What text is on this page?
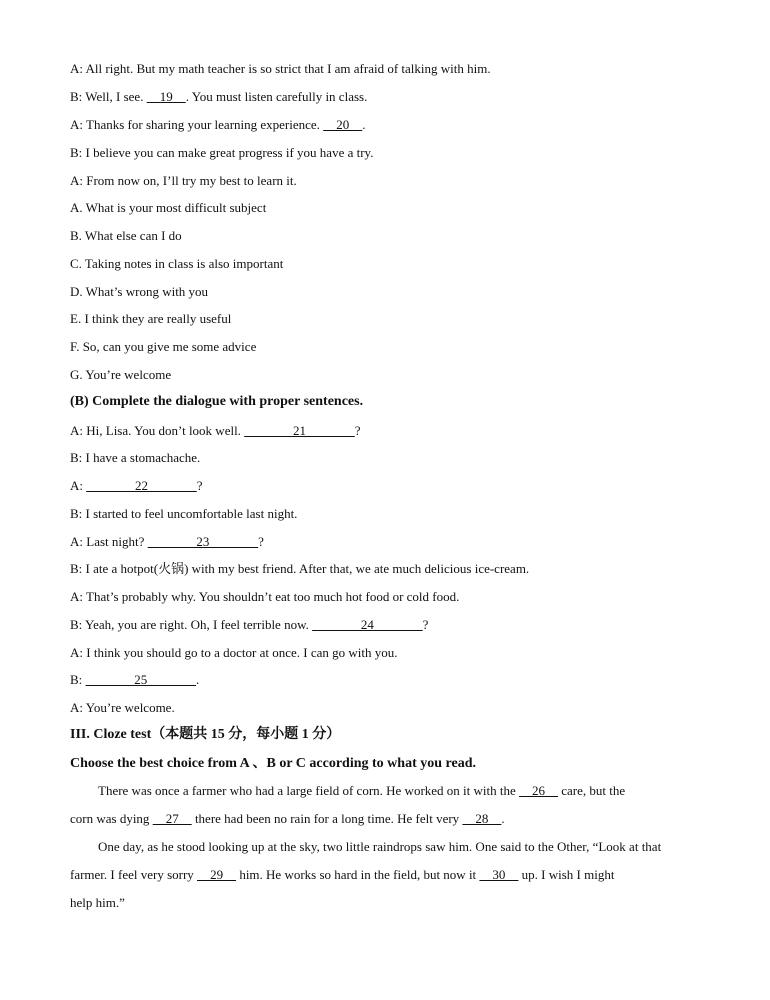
A: All right. But my math teacher is so strict that I am afraid of talking with him.
B: Well, I see.     19    . You must listen carefully in class.
A: Thanks for sharing your learning experience.     20    .
B: I believe you can make great progress if you have a try.
A: From now on, I’ll try my best to learn it.
A. What is your most difficult subject
B. What else can I do
C. Taking notes in class is also important
D. What’s wrong with you
E. I think they are really useful
F. So, can you give me some advice
G. You’re welcome
(B) Complete the dialogue with proper sentences.
A: Hi, Lisa. You don’t look well.                21               ?
B: I have a stomachache.
A:                22               ?
B: I started to feel uncomfortable last night.
A: Last night?                23               ?
B: I ate a hotpot(火锅) with my best friend. After that, we ate much delicious ice-cream.
A: That’s probably why. You shouldn’t eat too much hot food or cold food.
B: Yeah, you are right. Oh, I feel terrible now.                24               ?
A: I think you should go to a doctor at once. I can go with you.
B:                25               .
A: You’re welcome.
III. Cloze test（本题共 15 分，每小题 1 分）
Choose the best choice from A 、B or C according to what you read.
There was once a farmer who had a large field of corn. He worked on it with the     26     care, but the
corn was dying     27     there had been no rain for a long time. He felt very     28    .
One day, as he stood looking up at the sky, two little raindrops saw him. One said to the Other, “Look at that
farmer. I feel very sorry     29     him. He works so hard in the field, but now it     30     up. I wish I might
help him.”
